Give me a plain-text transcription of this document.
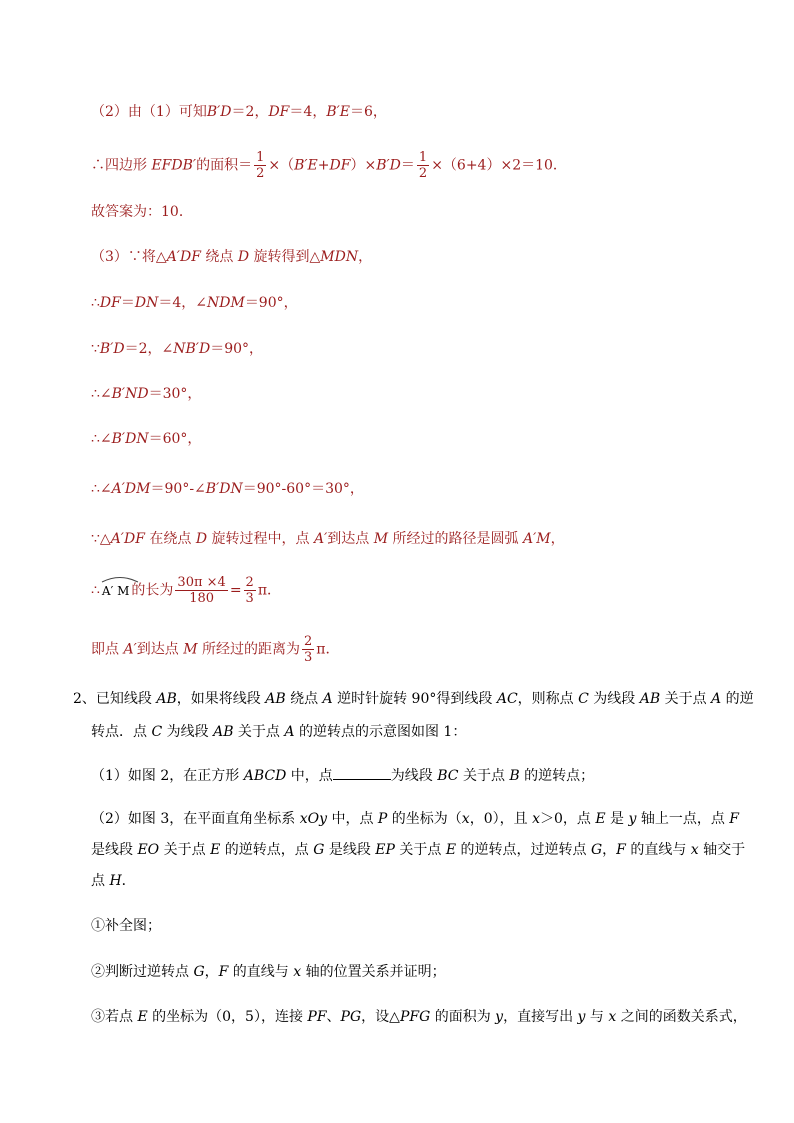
（2）由（1）可知B′D＝2，DF＝4，B′E＝6，
∴四边形 EFDB′的面积＝ $\frac{1}{2} \times(B'E+DF)\times B'D= \frac{1}{2} \times(6+4)\times 2=10$．
故答案为：10．
（3）∵将△A′DF 绕点 D 旋转得到△MDN，
∴DF＝DN＝4，∠NDM＝90°，
∵B′D＝2，∠NB′D＝90°，
∴∠B′ND＝30°，
∴∠B′DN＝60°，
∴∠A′DM＝90°-∠B′DN＝90°-60°＝30°，
∵△A′DF 在绕点 D 旋转过程中，点 A′到达点 M 所经过的路径是圆弧 A′M，
∴ A′ M 的长为 $\frac{30\pi \times 4}{180} = \frac{2}{3}$ π．
即点 A′到达点 M 所经过的距离为 $\frac{2}{3}$ π．
2、已知线段 AB，如果将线段 AB 绕点 A 逆时针旋转 90°得到线段 AC，则称点 C 为线段 AB 关于点 A 的逆
转点．点 C 为线段 AB 关于点 A 的逆转点的示意图如图 1：
（1）如图 2，在正方形 ABCD 中，点	为线段 BC 关于点 B 的逆转点；
（2）如图 3，在平面直角坐标系 xOy 中，点 P 的坐标为（x，0），且 x＞0，点 E 是 y 轴上一点，点 F
是线段 EO 关于点 E 的逆转点，点 G 是线段 EP 关于点 E 的逆转点，过逆转点 G，F 的直线与 x 轴交于
点 H．
①补全图；
②判断过逆转点 G，F 的直线与 x 轴的位置关系并证明；
③若点 E 的坐标为（0，5），连接 PF、PG，设△PFG 的面积为 y，直接写出 y 与 x 之间的函数关系式，
